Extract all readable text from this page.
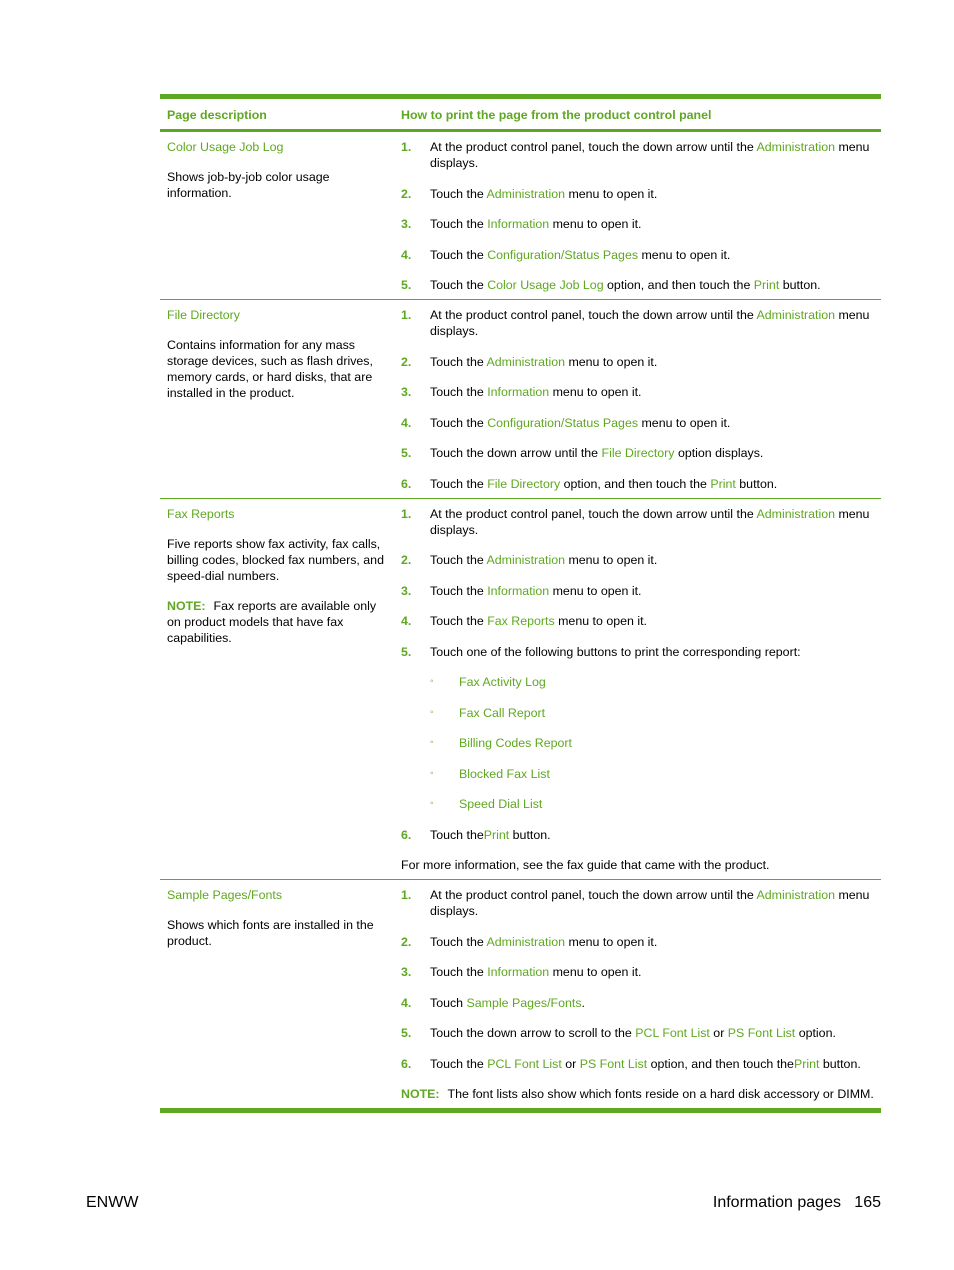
Page description	How to print the page from the product control panel

Color Usage Job Log

Shows job-by-job color usage information.

1.	At the product control panel, touch the down arrow until the Administration menu displays.
2.	Touch the Administration menu to open it.
3.	Touch the Information menu to open it.
4.	Touch the Configuration/Status Pages menu to open it.
5.	Touch the Color Usage Job Log option, and then touch the Print button.

File Directory

Contains information for any mass storage devices, such as flash drives, memory cards, or hard disks, that are installed in the product.

1.	At the product control panel, touch the down arrow until the Administration menu displays.
2.	Touch the Administration menu to open it.
3.	Touch the Information menu to open it.
4.	Touch the Configuration/Status Pages menu to open it.
5.	Touch the down arrow until the File Directory option displays.
6.	Touch the File Directory option, and then touch the Print button.

Fax Reports

Five reports show fax activity, fax calls, billing codes, blocked fax numbers, and speed-dial numbers.

NOTE: Fax reports are available only on product models that have fax capabilities.

1.	At the product control panel, touch the down arrow until the Administration menu displays.
2.	Touch the Administration menu to open it.
3.	Touch the Information menu to open it.
4.	Touch the Fax Reports menu to open it.
5.	Touch one of the following buttons to print the corresponding report:
◦	Fax Activity Log
◦	Fax Call Report
◦	Billing Codes Report
◦	Blocked Fax List
◦	Speed Dial List
6.	Touch thePrint button.
For more information, see the fax guide that came with the product.

Sample Pages/Fonts

Shows which fonts are installed in the product.

1.	At the product control panel, touch the down arrow until the Administration menu displays.
2.	Touch the Administration menu to open it.
3.	Touch the Information menu to open it.
4.	Touch Sample Pages/Fonts.
5.	Touch the down arrow to scroll to the PCL Font List or PS Font List option.
6.	Touch the PCL Font List or PS Font List option, and then touch thePrint button.
NOTE: The font lists also show which fonts reside on a hard disk accessory or DIMM.
ENWW	Information pages   165
